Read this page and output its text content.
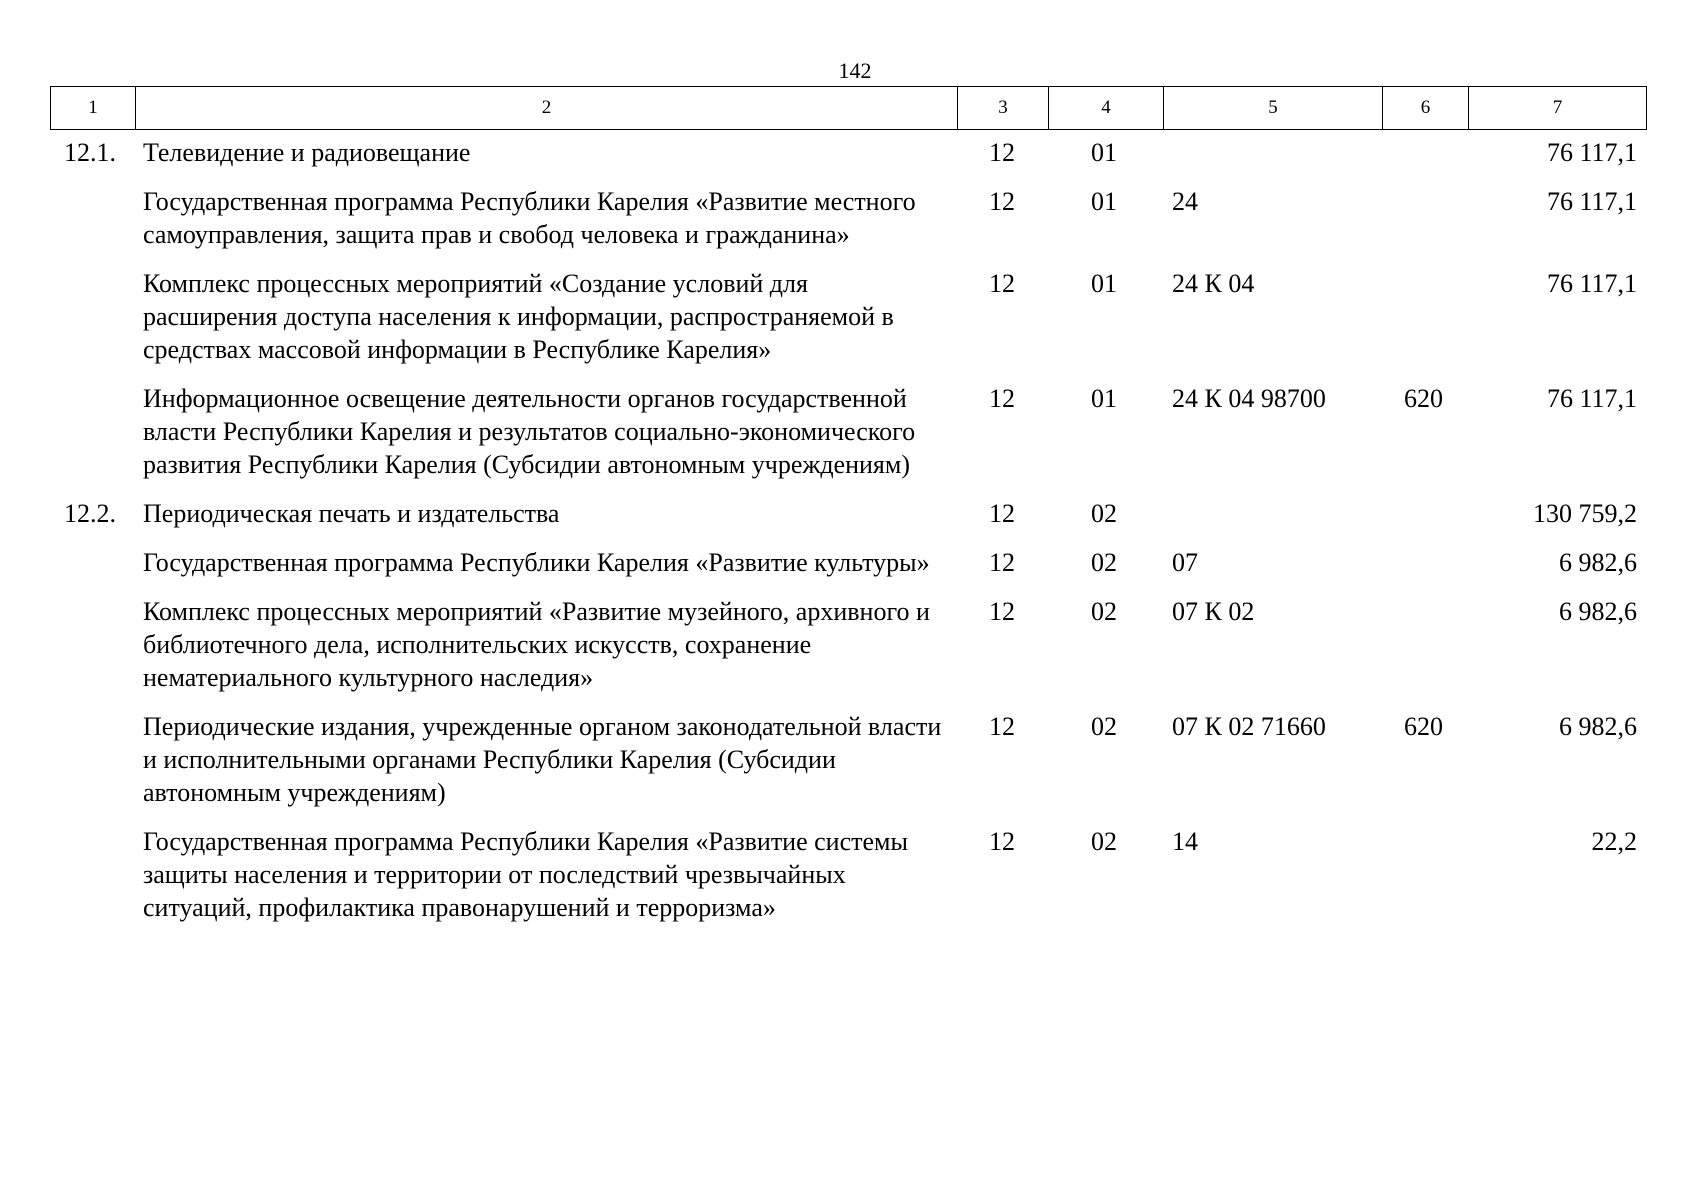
142
1	2	3	4	5	6	7
12.1.	Телевидение и радиовещание	12	01			76 117,1
	Государственная программа Республики Карелия «Развитие местного самоуправления, защита прав и свобод человека и гражданина»	12	01	24		76 117,1
	Комплекс процессных мероприятий «Создание условий для расширения доступа населения к информации, распространяемой в средствах массовой информации в Республике Карелия»	12	01	24 К 04		76 117,1
	Информационное освещение деятельности органов государственной власти Республики Карелия и результатов социально-экономического развития Республики Карелия (Субсидии автономным учреждениям)	12	01	24 К 04 98700	620	76 117,1
12.2.	Периодическая печать и издательства	12	02			130 759,2
	Государственная программа Республики Карелия «Развитие культуры»	12	02	07		6 982,6
	Комплекс процессных мероприятий «Развитие музейного, архивного и библиотечного дела, исполнительских искусств, сохранение нематериального культурного наследия»	12	02	07 К 02		6 982,6
	Периодические издания, учрежденные органом законодательной власти и исполнительными органами Республики Карелия (Субсидии автономным учреждениям)	12	02	07 К 02 71660	620	6 982,6
	Государственная программа Республики Карелия «Развитие системы защиты населения и территории от последствий чрезвычайных ситуаций, профилактика правонарушений и терроризма»	12	02	14		22,2
